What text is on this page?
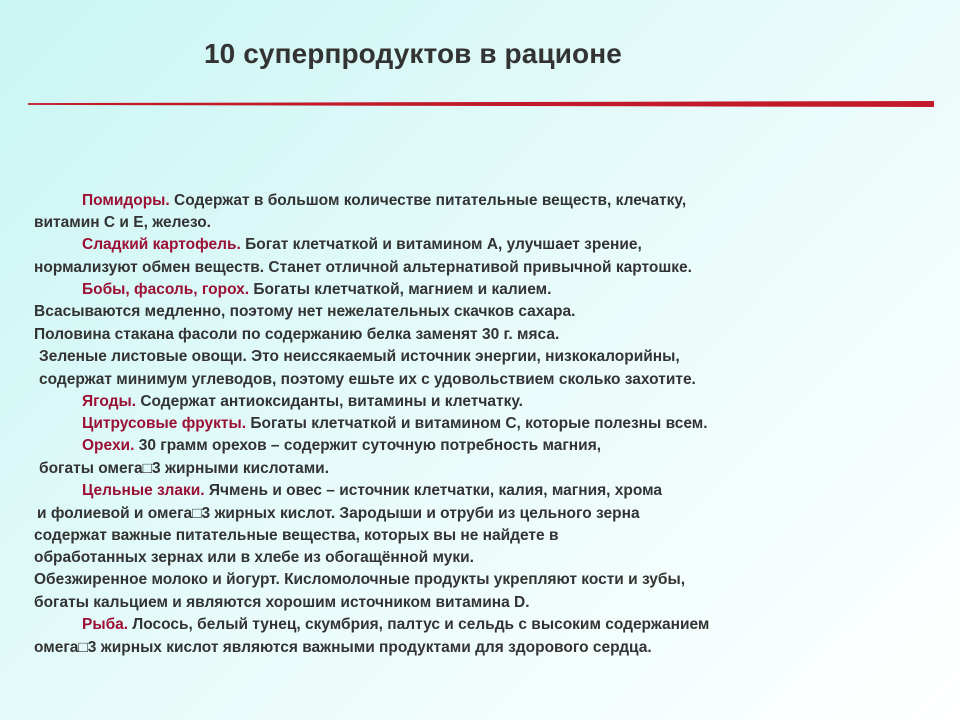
10 суперпродуктов в рационе
Помидоры. Содержат в большом количестве питательные веществ, клечатку,
витамин С и Е, железо.
Сладкий картофель. Богат клетчаткой и витамином А, улучшает зрение,
нормализуют обмен веществ. Станет отличной альтернативой привычной картошке.
Бобы, фасоль, горох. Богаты клетчаткой, магнием и калием.
Всасываются медленно, поэтому нет нежелательных скачков сахара.
Половина стакана фасоли по содержанию белка заменят 30 г. мяса.
Зеленые листовые овощи. Это неиссякаемый источник энергии, низкокалорийны,
содержат минимум углеводов, поэтому ешьте их с удовольствием сколько захотите.
Ягоды. Содержат антиоксиданты, витамины и клетчатку.
Цитрусовые фрукты. Богаты клетчаткой и витамином С, которые полезны всем.
Орехи. 30 грамм орехов – содержит суточную потребность магния,
богаты омега□3 жирными кислотами.
Цельные злаки. Ячмень и овес – источник клетчатки, калия, магния, хрома
и фолиевой и омега□3 жирных кислот. Зародыши и отруби из цельного зерна
содержат важные питательные вещества, которых вы не найдете в
обработанных зернах или в хлебе из обогащённой муки.
Обезжиренное молоко и йогурт. Кисломолочные продукты укрепляют кости и зубы,
богаты кальцием и являются хорошим источником витамина D.
Рыба. Лосось, белый тунец, скумбрия, палтус и сельдь с высоким содержанием
омега□3 жирных кислот являются важными продуктами для здорового сердца.
